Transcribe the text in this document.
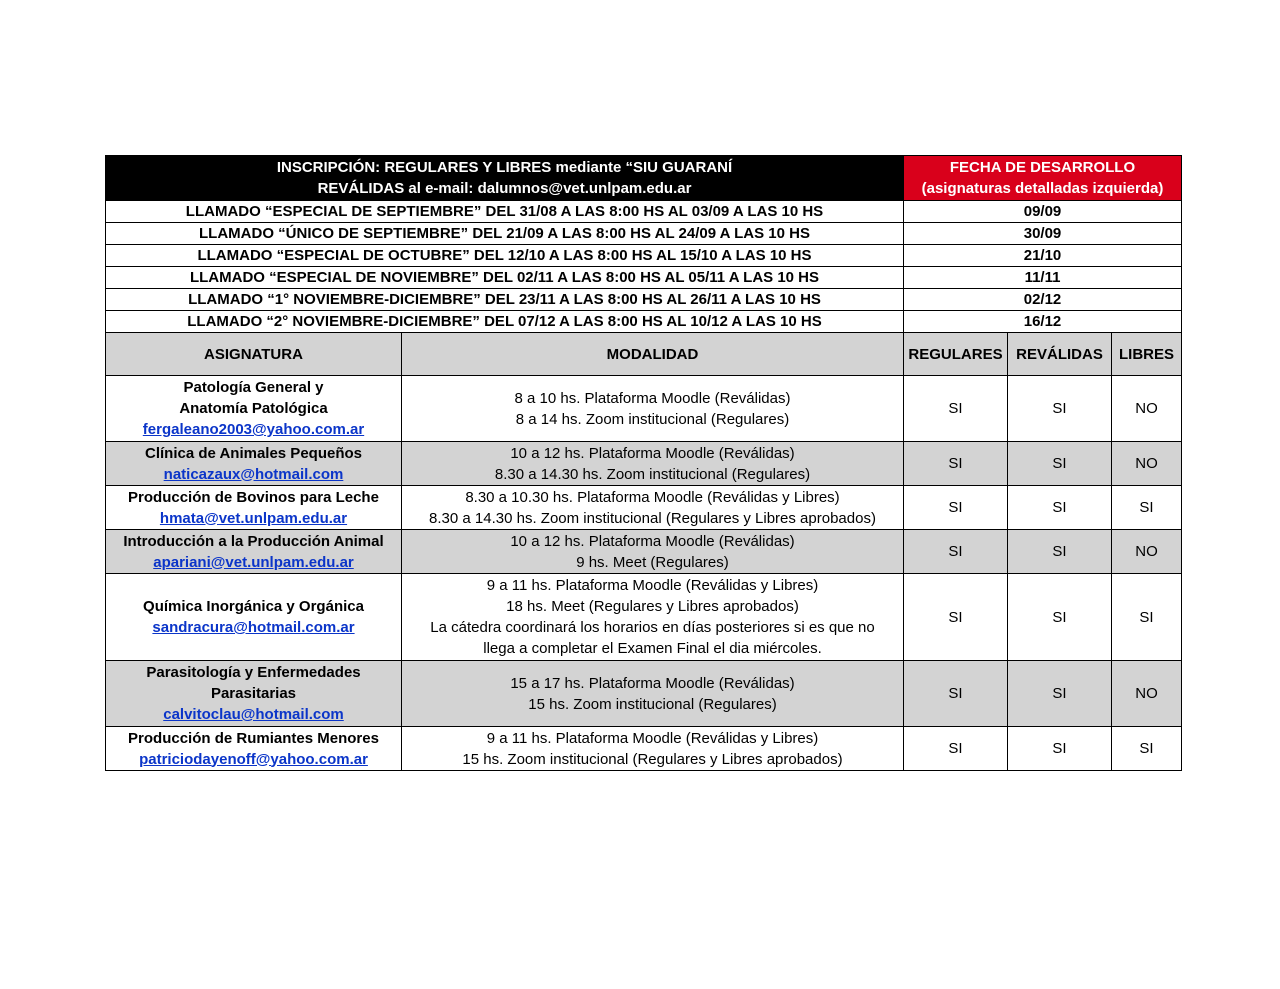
INSCRIPCIÓN: REGULARES Y LIBRES mediante “SIU GUARANÍ
REVÁLIDAS al e-mail: dalumnos@vet.unlpam.edu.ar		FECHA DE DESARROLLO
(asignaturas detalladas izquierda)		

LLAMADO “ESPECIAL DE SEPTIEMBRE” DEL 31/08 A LAS 8:00 HS AL 03/09 A LAS 10 HS		09/09		
LLAMADO “ÚNICO DE SEPTIEMBRE” DEL 21/09 A LAS 8:00 HS AL 24/09 A LAS 10 HS		30/09		
LLAMADO “ESPECIAL DE OCTUBRE” DEL 12/10 A LAS 8:00 HS AL 15/10 A LAS 10 HS		21/10		
LLAMADO “ESPECIAL DE NOVIEMBRE” DEL 02/11 A LAS 8:00 HS AL 05/11 A LAS 10 HS		11/11		
LLAMADO “1° NOVIEMBRE-DICIEMBRE” DEL 23/11 A LAS 8:00 HS AL 26/11 A LAS 10 HS		02/12		
LLAMADO “2° NOVIEMBRE-DICIEMBRE” DEL 07/12 A LAS 8:00 HS AL 10/12 A LAS 10 HS		16/12		
ASIGNATURA	MODALIDAD	REGULARES	REVÁLIDAS	LIBRES

Patología General y
Anatomía Patológica
fergaleano2003@yahoo.com.ar	8 a 10 hs. Plataforma Moodle (Reválidas)
8 a 14 hs. Zoom institucional (Regulares)	SI	SI	NO

Clínica de Animales Pequeños
naticazaux@hotmail.com	10 a 12 hs. Plataforma Moodle (Reválidas)
8.30 a 14.30 hs. Zoom institucional (Regulares)	SI	SI	NO

Producción de Bovinos para Leche
hmata@vet.unlpam.edu.ar	8.30 a 10.30 hs. Plataforma Moodle (Reválidas y Libres)
8.30 a 14.30 hs. Zoom institucional (Regulares y Libres aprobados)	SI	SI	SI

Introducción a la Producción Animal
apariani@vet.unlpam.edu.ar	10 a 12 hs. Plataforma Moodle (Reválidas)
9 hs. Meet (Regulares)	SI	SI	NO

Química Inorgánica y Orgánica
sandracura@hotmail.com.ar	9 a 11 hs. Plataforma Moodle (Reválidas y Libres)
18 hs. Meet (Regulares y Libres aprobados)
La cátedra coordinará los horarios en días posteriores si es que no
llega a completar el Examen Final el dia miércoles.	SI	SI	SI

Parasitología y Enfermedades
Parasitarias
calvitoclau@hotmail.com	15 a 17 hs. Plataforma Moodle (Reválidas)
15 hs. Zoom institucional (Regulares)	SI	SI	NO

Producción de Rumiantes Menores
patriciodayenoff@yahoo.com.ar	9 a 11 hs. Plataforma Moodle (Reválidas y Libres)
15 hs. Zoom institucional (Regulares y Libres aprobados)	SI	SI	SI
